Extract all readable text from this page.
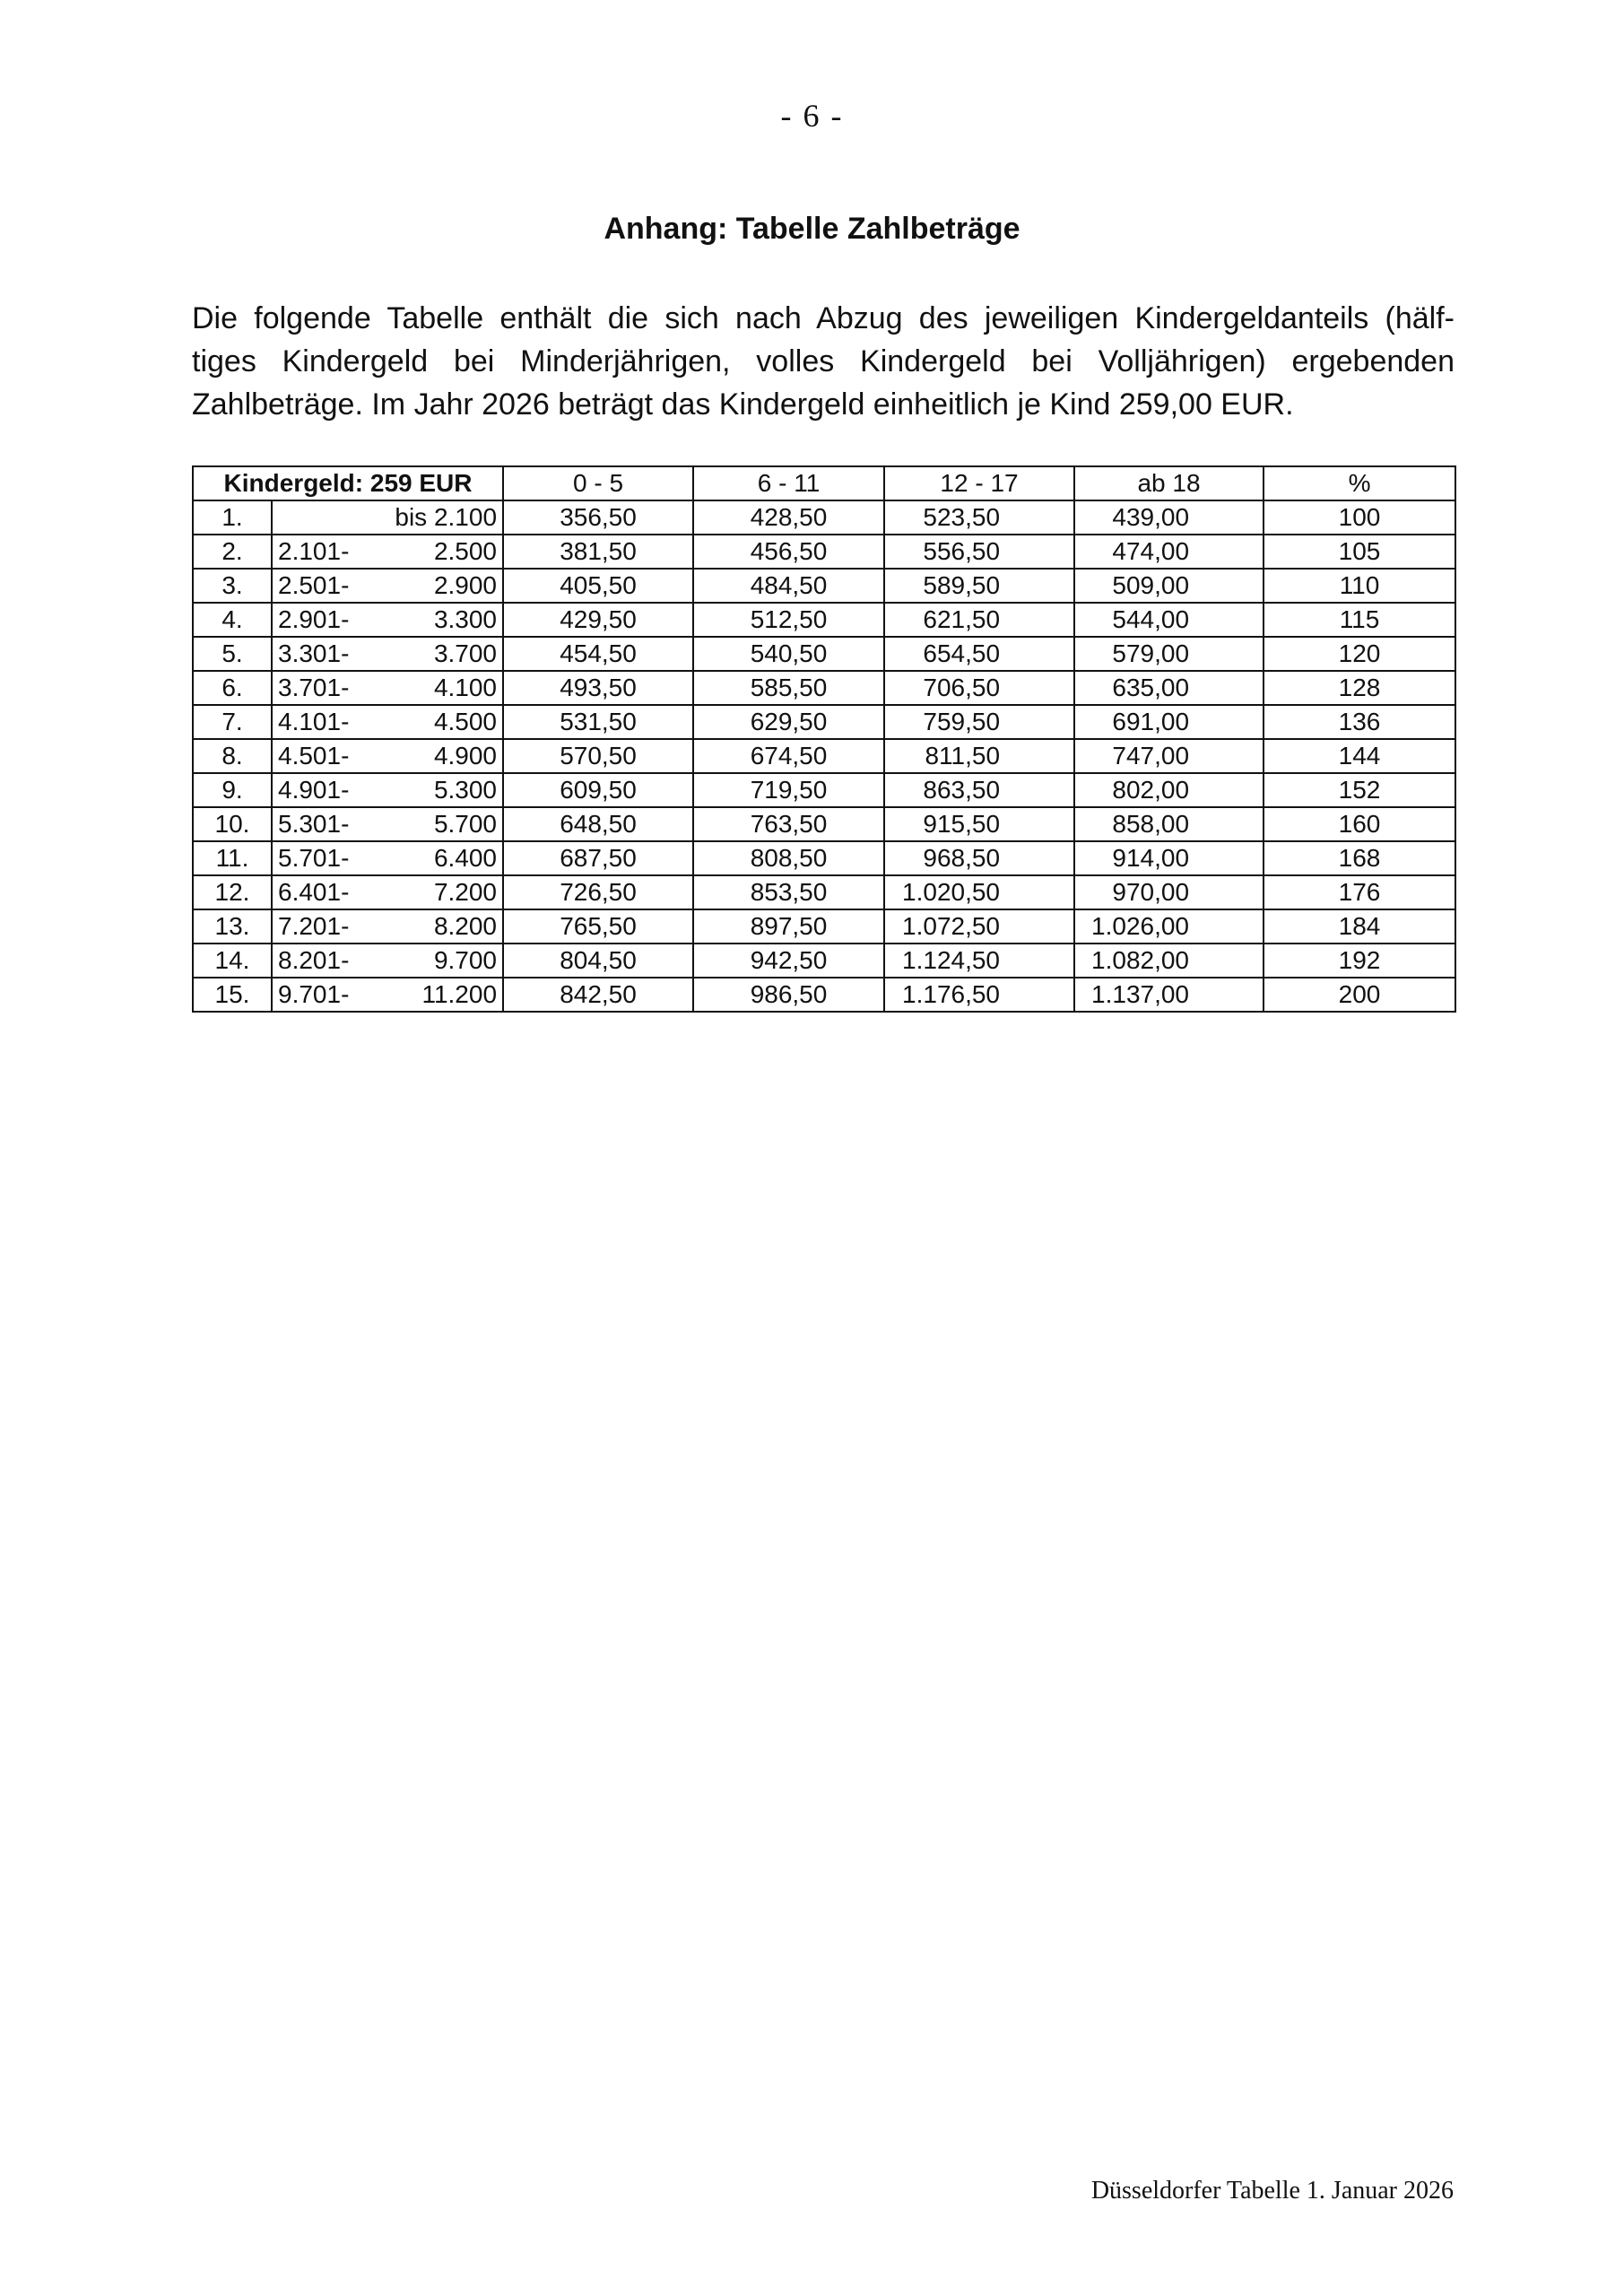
- 6 -
Anhang: Tabelle Zahlbeträge
Die folgende Tabelle enthält die sich nach Abzug des jeweiligen Kindergeldanteils (hälf-
tiges Kindergeld bei Minderjährigen, volles Kindergeld bei Volljährigen) ergebenden
Zahlbeträge. Im Jahr 2026 beträgt das Kindergeld einheitlich je Kind 259,00 EUR.
Kindergeld: 259 EUR		0 - 5	6 - 11	12 - 17	ab 18	%
1.	bis 2.100	356,50	428,50	523,50	439,00	100
2.	2.101- 2.500	381,50	456,50	556,50	474,00	105
3.	2.501- 2.900	405,50	484,50	589,50	509,00	110
4.	2.901- 3.300	429,50	512,50	621,50	544,00	115
5.	3.301- 3.700	454,50	540,50	654,50	579,00	120
6.	3.701- 4.100	493,50	585,50	706,50	635,00	128
7.	4.101- 4.500	531,50	629,50	759,50	691,00	136
8.	4.501- 4.900	570,50	674,50	811,50	747,00	144
9.	4.901- 5.300	609,50	719,50	863,50	802,00	152
10.	5.301- 5.700	648,50	763,50	915,50	858,00	160
11.	5.701- 6.400	687,50	808,50	968,50	914,00	168
12.	6.401- 7.200	726,50	853,50	1.020,50	970,00	176
13.	7.201- 8.200	765,50	897,50	1.072,50	1.026,00	184
14.	8.201- 9.700	804,50	942,50	1.124,50	1.082,00	192
15.	9.701- 11.200	842,50	986,50	1.176,50	1.137,00	200
Düsseldorfer Tabelle 1. Januar 2026
